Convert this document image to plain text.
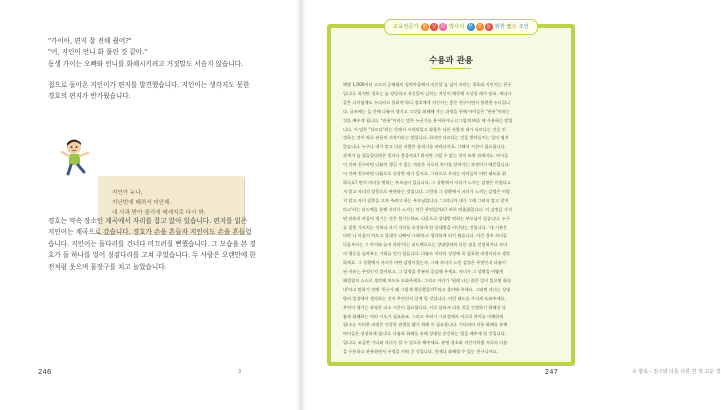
"가이아, 편지 잘 전해 줬어?"
"어, 지인이 언니 화 풀린 것 같아."
동생 가이는 오빠와 언니를 화해시키려고 거짓말도 서슴지 않습니다.
접으로 돌아온 지인이가 편지를 발견했습니다. 지인이는 생각지도 못한
경호의 편지가 반가웠습니다.
지인아 누나,
지난번에 때려서 미안해.
내 사과 받아 줄리에 메세지로 다시 봐.
경호는 약속 장소인 계곡에서 자리를 잡고 앉아 있습니다. 편지를 읽은
지인이는 계곡으로 갔습니다. 경호가 손을 흔들자 지인이도 손을 흔들었
습니다. 지인이는 돌다리를 건너다 미끄러질 뻔했습니다. 그 모습을 본 경
호가 돌 하나를 얼어 징검다리를 고쳐 주었습니다. 두 사람은 오랜만에 한
전처럼 웃으며 물장구를 치고 놀았습니다.
246	3
교육전문가 한 성 희 박사의 부 모 를 위한 짧은 조언
수용과 관용
해발 1,000미터 고도의 공해협의 설악마을에서 지은할 둘 넘이 자라는 경호와 지인이는 친구
입니다. 하지만 경호는 늘 당당하고 자신있어 넘치는 지인이 때문에 속상할 때가 많죠. 게다가
같은 나이임에도 누나라고 불러야 하니 경호에게 지인이는 좋은 친구이면서 불편한 누나입니
다. 글쓰에는 둘 간에 다툼이 생기고 그것을 화해해 가는 과정을 통해 아이들은 "관용"이라는
것을 배우게 됩니다. "관용"이라는 말은 누군가를 용서하거나 너그럽게 봐줄 때 사용하는 말입
니다. 이 말은 "다르다"라는 뜻에서 시작되었고 화합은 다른 사람과 내가 다르다는 것을 인
정하는 것이 바로 관용의 시작이라는 말입니다. 하지만 다르다는 것을 받아들이는 일이 쉽지
않습니다. 누구나 내가 맞고 다른 사람은 틀리기를 바라니까요. 그래서 시간이 필요합니다.
관계가 늘 힘들었다면은 얼마나 좋을까요? 하지만 그럴 수 없는 것이 또한 관계지요. 아이들
이 진짜 친구라면 다툼이 생길 수 있는 까닭은 서로의 차이를 알아가는 과정이기 때문입니다.
이 진짜 친구라면 다툼으로 속상한 때가 있지요. 그러므로 우리는 아이들이 어떤 태도를 취
하나요? 먼저 자녀를 탓하는 부모님이 있습니다. 그 상황에서 자녀가 느끼는 감정은 이렇다고
지 않고 자녀의 잘못으로 판단하는 것입니다. 그런데 그 상황에서 자녀가 느끼는 감정은 이렇
지 않고 자녀 잘못을 고쳐 주려고 하는 부모님입니다. '그러니까 내가 그래 그러지 말고 잘지
라고'라는 피드백을 통해 자녀가 느끼는 것은 무엇일까요? 바로 억울함입니다. 이 감정을 가지
면 관용의 마음이 생기는 것은 불가능하죠. 다음으로 상대방 탓하는 부모님이 있습니다. 누구
를 잘못 가르치는 것보다 자기 자녀를 속상하게 한 상대방을 비난하는 건입니다. '내 기분은
다만 나 마음이 아프고 상대가 나빠서 그래'라고 생각하게 되기 쉽습니다. 이런 경우 자녀들
다음부터는 그 아이와 놀지 마라'라는 피드백으로는 상대방과의 다른 점을 인정하거나 자녀
의 행동을 돌아보는 기회를 얻기 힘듭니다. 다툼도 자녀의 성장에 꼭 필요한 과정이라고 생각
하세요. 그 상황에서 자녀가 어떤 감정이었는지, 그때 자녀가 느낀 감정은 무엇인지 다툼이
된 이유는 무엇인지 물어보고, 그 감정을 충분히 공감해 주세요. 자녀가 그 상황을 어떻게
해결할지 스스로 생각해 보도록 도와주세요. 그리고 자녀가 '원래 나는 싫은 일이 있으면 화를
내'라고 말하기 전에 '친구가 왜 그렇게 행동했을까?'라고 물어봐 주세요. 그러면 자녀는 상대
방의 입장에서 생각하는 것이 무엇인지 알게 될 것입니다. 이런 태도를 가지게 도와주세요.
무엇이 생기는 과정은 다소 시간이 필요합니다. 서로 달라서 다툰 것을 인정하기 위해선 다
툼과 화해하는 여러 시도가 필요하죠. 그리고 우리가 그과정에서 서로의 차이를 이해하게
됩니다. 이러한 과정은 건강한 관계를 맺기 위해 꼭 필요합니다. 기다리며 서툰 화해를 통해
아이들은 성장하게 됩니다. 다툼과 화해를 통해 상대를 존중하는 법을 배우게 될 것입니다.
입니다. 조금만 기다려 자녀가 할 수 있도록 해주세요. 분명 경호와 지인이처럼 서로의 다름
을 수용하고 관용하면서 우정을 키워 갈 것입니다. 언제나 화해할 수 있는 친구니까요.
247	수 방호 - 친구와 다툰 다른 친 것 고운 것
